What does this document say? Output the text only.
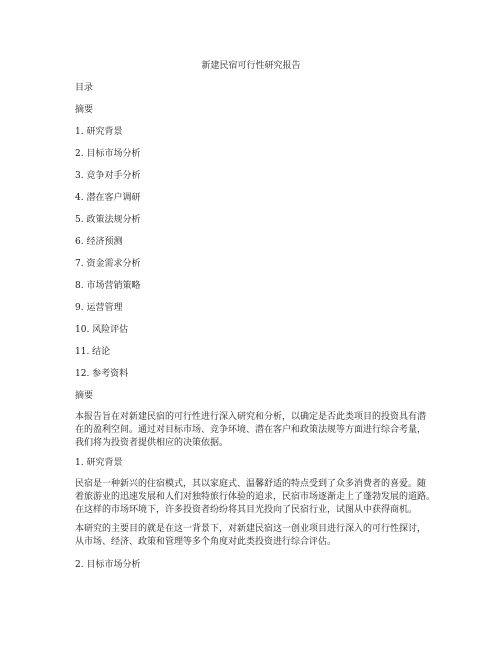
新建民宿可行性研究报告
目录
摘要
1. 研究背景
2. 目标市场分析
3. 竞争对手分析
4. 潜在客户调研
5. 政策法规分析
6. 经济预测
7. 资金需求分析
8. 市场营销策略
9. 运营管理
10. 风险评估
11. 结论
12. 参考资料
摘要
本报告旨在对新建民宿的可行性进行深入研究和分析，以确定是否此类项目的投资具有潜
在的盈利空间。通过对目标市场、竞争环境、潜在客户和政策法规等方面进行综合考量，
我们将为投资者提供相应的决策依据。
1. 研究背景
民宿是一种新兴的住宿模式，其以家庭式、温馨舒适的特点受到了众多消费者的喜爱。随
着旅游业的迅速发展和人们对独特旅行体验的追求，民宿市场逐渐走上了蓬勃发展的道路。
在这样的市场环境下，许多投资者纷纷将其目光投向了民宿行业，试图从中获得商机。
本研究的主要目的就是在这一背景下，对新建民宿这一创业项目进行深入的可行性探讨，
从市场、经济、政策和管理等多个角度对此类投资进行综合评估。
2. 目标市场分析
